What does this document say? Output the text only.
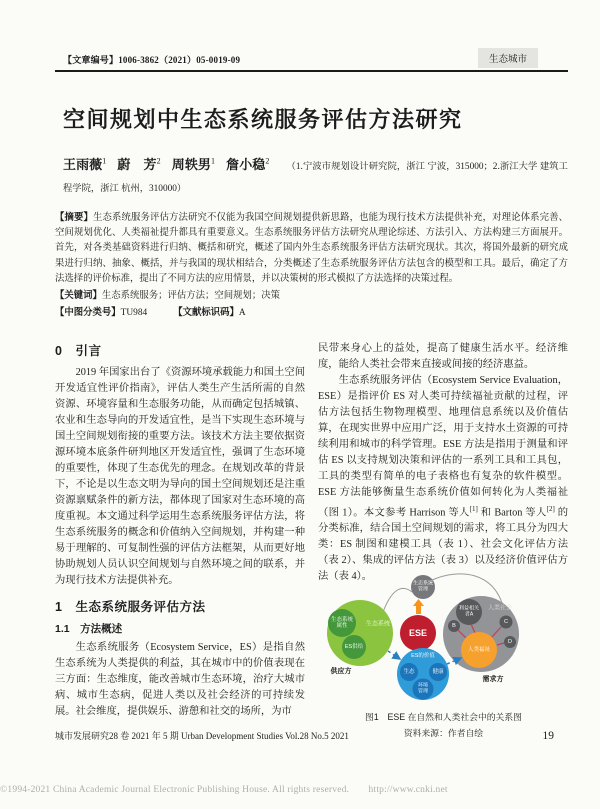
【文章编号】1006-3862（2021）05-0019-09	生态城市
空间规划中生态系统服务评估方法研究
王雨薇$^1$ 蔚　芳$^2$ 周轶男$^1$ 詹小稳$^2$（1.宁波市规划设计研究院，浙江 宁波，315000；2.浙江大学 建筑工程学院，浙江 杭州，310000）

【摘要】生态系统服务评估方法研究不仅能为我国空间规划提供新思路，也能为现行技术方法提供补充，对理论体系完善、空间规划优化、人类福祉提升都具有重要意义。生态系统服务评估方法研究从理论综述、方法引入、方法构建三方面展开。首先，对各类基础资料进行归纳、概括和研究，概述了国内外生态系统服务评估方法研究现状。其次，将国外最新的研究成果进行归纳、抽象、概括，并与我国的现状相结合，分类概述了生态系统服务评估方法包含的模型和工具。最后，确定了方法选择的评价标准，提出了不同方法的应用情景，并以决策树的形式模拟了方法选择的决策过程。

【关键词】生态系统服务；评估方法；空间规划；决策

【中图分类号】TU984	【文献标识码】A

0　引言

2019 年国家出台了《资源环境承载能力和国土空间开发适宜性评价指南》，评估人类生产生活所需的自然资源、环境容量和生态服务功能，从而确定包括城镇、农业和生态导向的开发适宜性，是当下实现生态环境与国土空间规划衔接的重要方法。该技术方法主要依据资源环境本底条件研判地区开发适宜性，强调了生态环境的重要性，体现了生态优先的理念。在规划改革的背景下，不论是以生态文明为导向的国土空间规划还是注重资源禀赋条件的新方法，都体现了国家对生态环境的高度重视。本文通过科学运用生态系统服务评估方法，将生态系统服务的概念和价值纳入空间规划，并构建一种易于理解的、可复制性强的评估方法框架，从而更好地协助规划人员认识空间规划与自然环境之间的联系，并为现行技术方法提供补充。

1　生态系统服务评估方法
1.1　方法概述

生态系统服务（Ecosystem Service，ES）是指自然生态系统为人类提供的利益，其在城市中的价值表现在三方面：生态维度，能改善城市生态环境，治疗大城市病、城市生态病，促进人类以及社会经济的可持续发展。社会维度，提供娱乐、游憩和社交的场所，为市

民带来身心上的益处，提高了健康生活水平。经济维度，能给人类社会带来直接或间接的经济惠益。

生态系统服务评估（Ecosystem Service Evaluation，ESE）是指评价 ES 对人类可持续福祉贡献的过程，评估方法包括生物物理模型、地理信息系统以及价值估算，在现实世界中应用广泛，用于支持水土资源的可持续利用和城市的科学管理。ESE 方法是指用于测量和评估 ES 以支持规划决策和评估的一系列工具和工具包，工具的类型有简单的电子表格也有复杂的软件模型。ESE 方法能够衡量生态系统价值如何转化为人类福祉（图 1）。本文参考 Harrison 等人[1] 和 Barton 等人[2] 的分类标准，结合国土空间规划的需求，将工具分为四大类：ES 制图和建模工具（表 1）、社会文化评估方法（表 2）、集成的评估方法（表 3）以及经济价值评估方法（表 4）。

生态系统
生态系统属性
ES供给
供应方
生态系统管理
ESE
ES的价值
生态	健康
环境管理
人类社会
利益相关者A
B
C
D
人类福祉
需求方

图1　ESE 在自然和人类社会中的关系图

资料来源：作者自绘

城市发展研究28 卷 2021 年 5 期 Urban Development Studies Vol.28 No.5 2021	19
©1994-2021 China Academic Journal Electronic Publishing House. All rights reserved.　　http://www.cnki.net
